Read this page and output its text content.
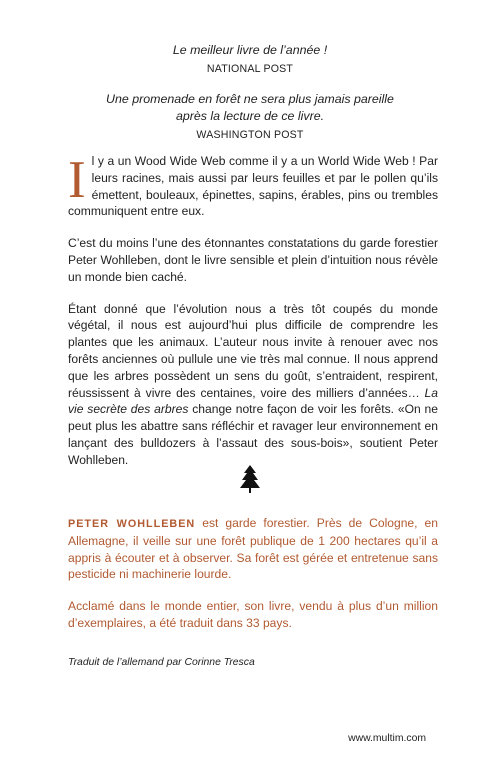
Le meilleur livre de l’année !

NATIONAL POST

Une promenade en forêt ne sera plus jamais pareille
après la lecture de ce livre.

WASHINGTON POST

Il y a un Wood Wide Web comme il y a un World Wide Web ! Par leurs racines, mais aussi par leurs feuilles et par le pollen qu’ils émettent, bouleaux, épinettes, sapins, érables, pins ou trembles communiquent entre eux.

C’est du moins l’une des étonnantes constatations du garde forestier Peter Wohlleben, dont le livre sensible et plein d’intuition nous révèle un monde bien caché.

Étant donné que l’évolution nous a très tôt coupés du monde végétal, il nous est aujourd’hui plus difficile de comprendre les plantes que les animaux. L’auteur nous invite à renouer avec nos forêts anciennes où pullule une vie très mal connue. Il nous apprend que les arbres possèdent un sens du goût, s’entraident, respirent, réussissent à vivre des centaines, voire des milliers d’années… La vie secrète des arbres change notre façon de voir les forêts. «On ne peut plus les abattre sans réfléchir et ravager leur environnement en lançant des bulldozers à l’assaut des sous-bois», soutient Peter Wohlleben.

PETER WOHLLEBEN est garde forestier. Près de Cologne, en Allemagne, il veille sur une forêt publique de 1 200 hectares qu’il a appris à écouter et à observer. Sa forêt est gérée et entretenue sans pesticide ni machinerie lourde.

Acclamé dans le monde entier, son livre, vendu à plus d’un million d’exemplaires, a été traduit dans 33 pays.

Traduit de l’allemand par Corinne Tresca

www.multim.com
